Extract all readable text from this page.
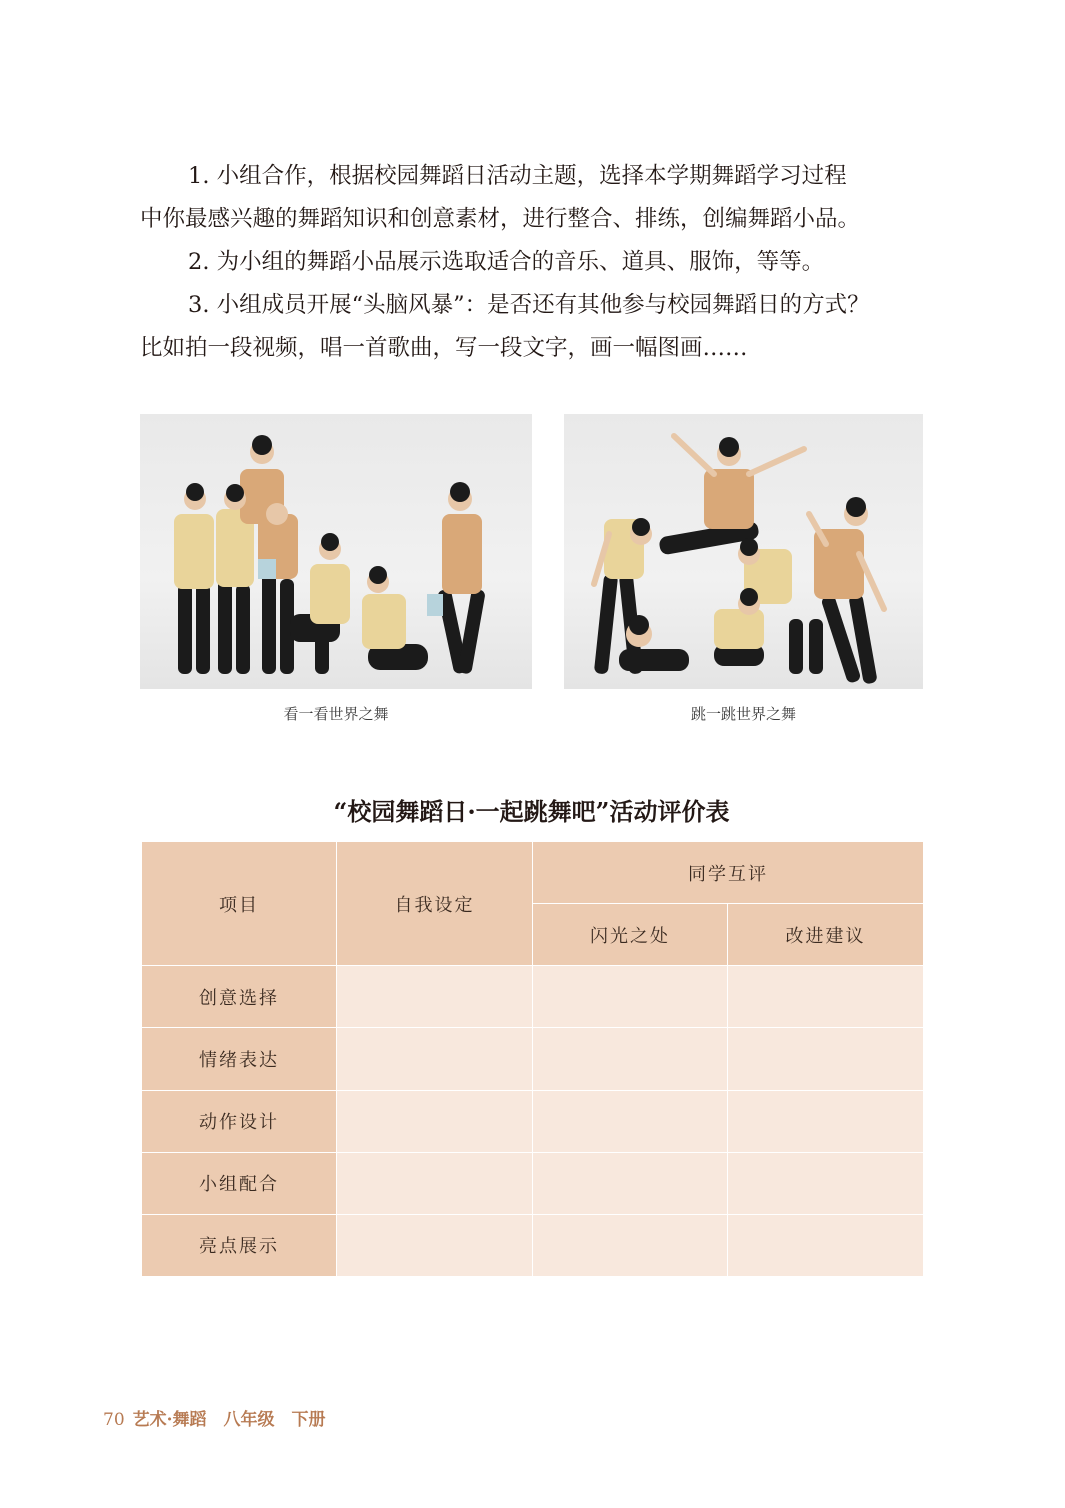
1. 小组合作，根据校园舞蹈日活动主题，选择本学期舞蹈学习过程
中你最感兴趣的舞蹈知识和创意素材，进行整合、排练，创编舞蹈小品。

2. 为小组的舞蹈小品展示选取适合的音乐、道具、服饰，等等。

3. 小组成员开展“头脑风暴”：是否还有其他参与校园舞蹈日的方式？
比如拍一段视频，唱一首歌曲，写一段文字，画一幅图画……

看一看世界之舞	跳一跳世界之舞
“校园舞蹈日·一起跳舞吧”活动评价表
项目	自我设定	同学互评	
		闪光之处	改进建议
创意选择			
情绪表达			
动作设计			
小组配合			
亮点展示			
70 艺术·舞蹈　八年级　下册
